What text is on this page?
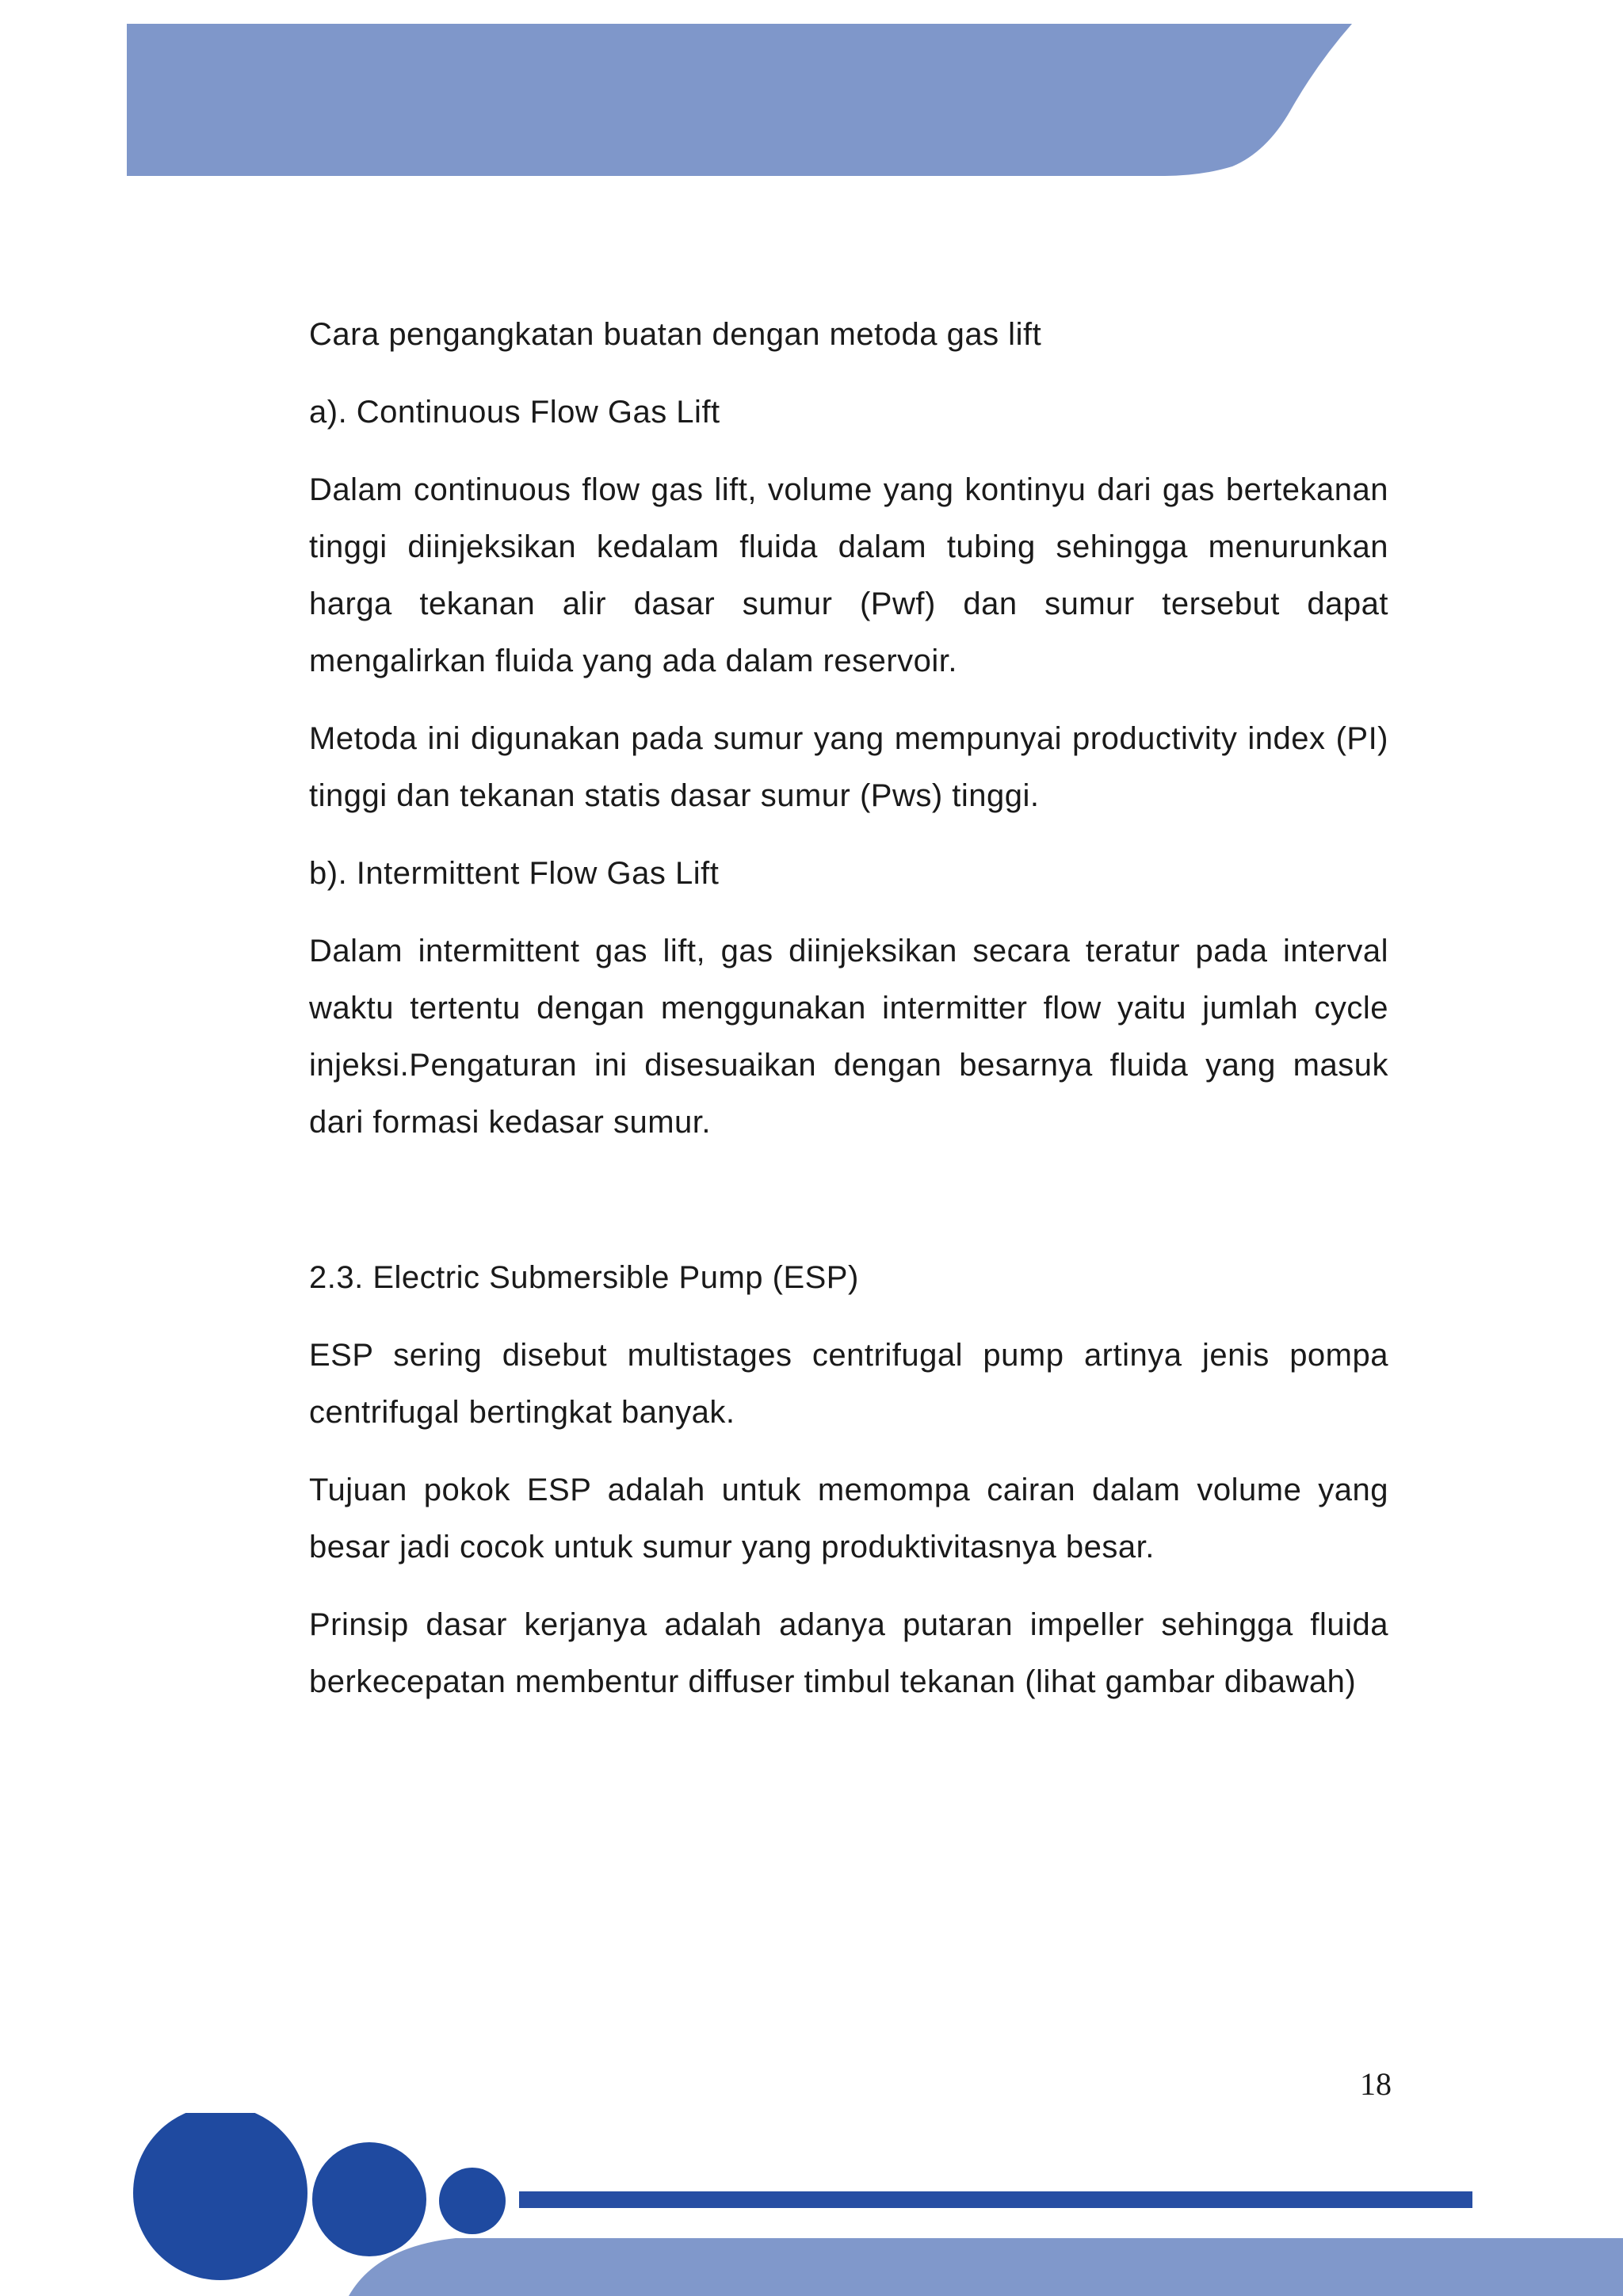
Cara pengangkatan buatan dengan metoda gas lift

a). Continuous Flow Gas Lift

Dalam continuous flow gas lift, volume yang kontinyu dari gas bertekanan tinggi diinjeksikan kedalam fluida dalam tubing sehingga menurunkan harga tekanan alir dasar sumur (Pwf) dan sumur tersebut dapat mengalirkan fluida yang ada dalam reservoir.

Metoda ini digunakan pada sumur yang mempunyai productivity index (PI) tinggi dan tekanan statis dasar sumur (Pws) tinggi.

b). Intermittent Flow Gas Lift

Dalam intermittent gas lift, gas diinjeksikan secara teratur pada interval waktu tertentu dengan menggunakan intermitter flow yaitu jumlah cycle injeksi.Pengaturan ini disesuaikan dengan besarnya fluida yang masuk dari formasi kedasar sumur.

2.3. Electric Submersible Pump (ESP)

ESP sering disebut multistages centrifugal pump artinya jenis pompa centrifugal bertingkat banyak.

Tujuan pokok ESP adalah untuk memompa cairan dalam volume yang besar jadi cocok untuk sumur yang produktivitasnya besar.

Prinsip dasar kerjanya adalah adanya putaran impeller sehingga fluida berkecepatan membentur diffuser timbul tekanan (lihat gambar dibawah)

18
